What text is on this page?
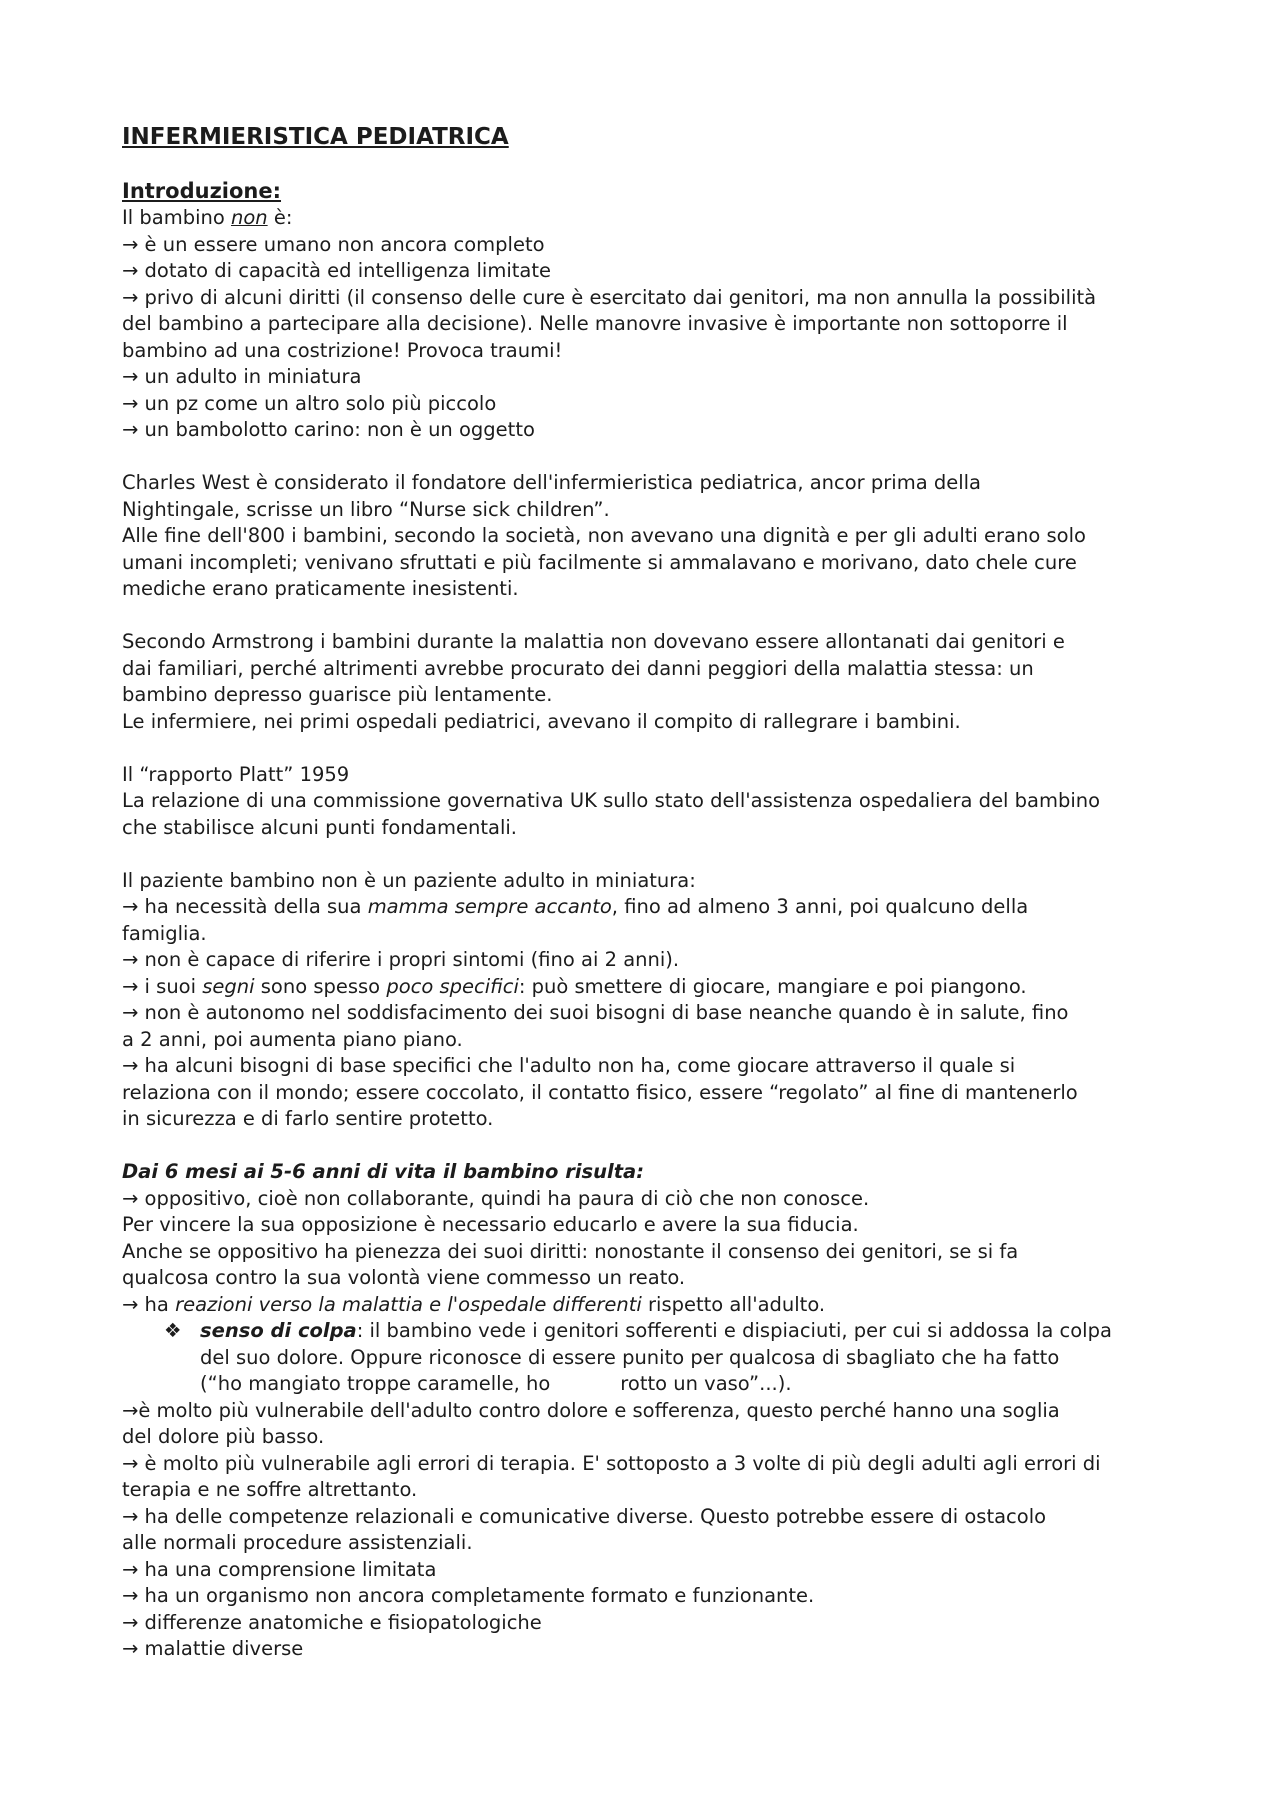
INFERMIERISTICA PEDIATRICA
Introduzione:
Il bambino non è:
→ è un essere umano non ancora completo
→ dotato di capacità ed intelligenza limitate
→ privo di alcuni diritti (il consenso delle cure è esercitato dai genitori, ma non annulla la possibilità
del bambino a partecipare alla decisione). Nelle manovre invasive è importante non sottoporre il
bambino ad una costrizione! Provoca traumi!
→ un adulto in miniatura
→ un pz come un altro solo più piccolo
→ un bambolotto carino: non è un oggetto
Charles West è considerato il fondatore dell'infermieristica pediatrica, ancor prima della
Nightingale, scrisse un libro “Nurse sick children”.
Alle fine dell'800 i bambini, secondo la società, non avevano una dignità e per gli adulti erano solo
umani incompleti; venivano sfruttati e più facilmente si ammalavano e morivano, dato chele cure
mediche erano praticamente inesistenti.
Secondo Armstrong i bambini durante la malattia non dovevano essere allontanati dai genitori e
dai familiari, perché altrimenti avrebbe procurato dei danni peggiori della malattia stessa: un
bambino depresso guarisce più lentamente.
Le infermiere, nei primi ospedali pediatrici, avevano il compito di rallegrare i bambini.
Il “rapporto Platt” 1959
La relazione di una commissione governativa UK sullo stato dell'assistenza ospedaliera del bambino
che stabilisce alcuni punti fondamentali.
Il paziente bambino non è un paziente adulto in miniatura:
→ ha necessità della sua mamma sempre accanto, fino ad almeno 3 anni, poi qualcuno della
famiglia.
→ non è capace di riferire i propri sintomi (fino ai 2 anni).
→ i suoi segni sono spesso poco specifici: può smettere di giocare, mangiare e poi piangono.
→ non è autonomo nel soddisfacimento dei suoi bisogni di base neanche quando è in salute, fino
a 2 anni, poi aumenta piano piano.
→ ha alcuni bisogni di base specifici che l'adulto non ha, come giocare attraverso il quale si
relaziona con il mondo; essere coccolato, il contatto fisico, essere “regolato” al fine di mantenerlo
in sicurezza e di farlo sentire protetto.
Dai 6 mesi ai 5-6 anni di vita il bambino risulta:
→ oppositivo, cioè non collaborante, quindi ha paura di ciò che non conosce.
Per vincere la sua opposizione è necessario educarlo e avere la sua fiducia.
Anche se oppositivo ha pienezza dei suoi diritti: nonostante il consenso dei genitori, se si fa
qualcosa contro la sua volontà viene commesso un reato.
→ ha reazioni verso la malattia e l'ospedale differenti rispetto all'adulto.
❖ senso di colpa: il bambino vede i genitori sofferenti e dispiaciuti, per cui si addossa la colpa
del suo dolore. Oppure riconosce di essere punito per qualcosa di sbagliato che ha fatto
(“ho mangiato troppe caramelle, ho	rotto un vaso”...).
→è molto più vulnerabile dell'adulto contro dolore e sofferenza, questo perché hanno una soglia
del dolore più basso.
→ è molto più vulnerabile agli errori di terapia. E' sottoposto a 3 volte di più degli adulti agli errori di
terapia e ne soffre altrettanto.
→ ha delle competenze relazionali e comunicative diverse. Questo potrebbe essere di ostacolo
alle normali procedure assistenziali.
→ ha una comprensione limitata
→ ha un organismo non ancora completamente formato e funzionante.
→ differenze anatomiche e fisiopatologiche
→ malattie diverse
